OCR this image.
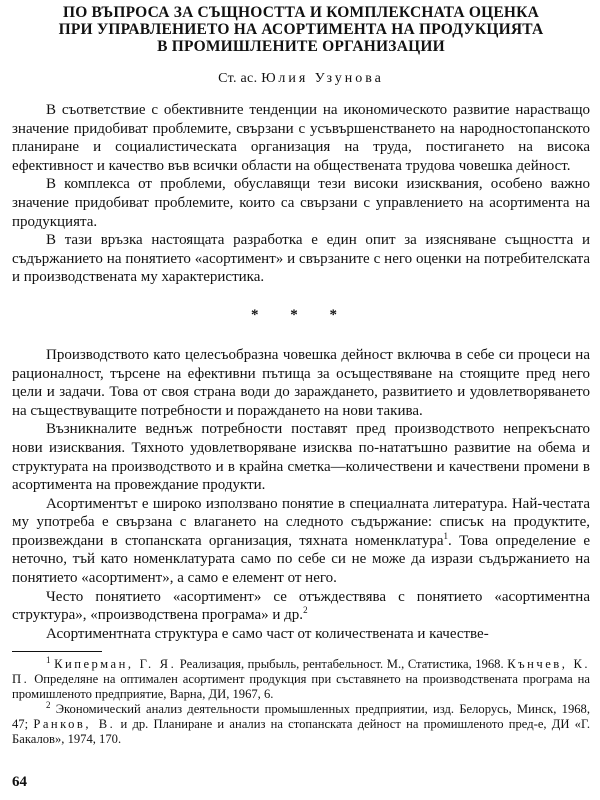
ПО ВЪПРОСА ЗА СЪЩНОСТТА И КОМПЛЕКСНАТА ОЦЕНКА
ПРИ УПРАВЛЕНИЕТО НА АСОРТИМЕНТА НА ПРОДУКЦИЯТА
В ПРОМИШЛЕНИТЕ ОРГАНИЗАЦИИ
Ст. ас. Юлия Узунова

В съответствие с обективните тенденции на икономическото развитие нарастващо значение придобиват проблемите, свързани с усъвършенстването на народностопанското планиране и социалистическата организация на труда, постигането на висока ефективност и качество във всички области на обществената трудова човешка дейност.

В комплекса от проблеми, обуславящи тези високи изисквания, особено важно значение придобиват проблемите, които са свързани с управлението на асортимента на продукцията.

В тази връзка настоящата разработка е един опит за изясняване същността и съдържанието на понятието «асортимент» и свързаните с него оценки на потребителската и производствената му характеристика.

* * *

Производството като целесъобразна човешка дейност включва в себе си процеси на рационалност, търсене на ефективни пътища за осъществяване на стоящите пред него цели и задачи. Това от своя страна води до зараждането, развитието и удовлетворяването на съществуващите потребности и пораждането на нови такива.

Възникналите веднъж потребности поставят пред производството непрекъснато нови изисквания. Тяхното удовлетворяване изисква по-нататъшно развитие на обема и структурата на производството и в крайна сметка—количествени и качествени промени в асортимента на провеждание продукти.

Асортиментът е широко използвано понятие в специалната литература. Най-честата му употреба е свързана с влагането на следното съдържание: списък на продуктите, произвеждани в стопанската организация, тяхната номенклатура$^1$. Това определение е неточно, тъй като номенклатурата само по себе си не може да изрази съдържанието на понятието «асортимент», а само е елемент от него.

Често понятието «асортимент» се отъждествява с понятието «асортиментна структура», «производствена програма» и др.$^2$

Асортиментната структура е само част от количествената и качестве-

$^1$ Киперман, Г. Я. Реализация, прыбыль, рентабельност. М., Статистика, 1968. Кънчев, К. П. Определяне на оптимален асортимент продукция при съставянето на производствената програма на промишленото предприятие, Варна, ДИ, 1967, 6.

$^2$ Экономический анализ деятельности промышленных предприятии, изд. Белорусь, Минск, 1968, 47; Ранков, В. и др. Планиране и анализ на стопанската дейност на промишленото пред-е, ДИ «Г. Бакалов», 1974, 170.

64
